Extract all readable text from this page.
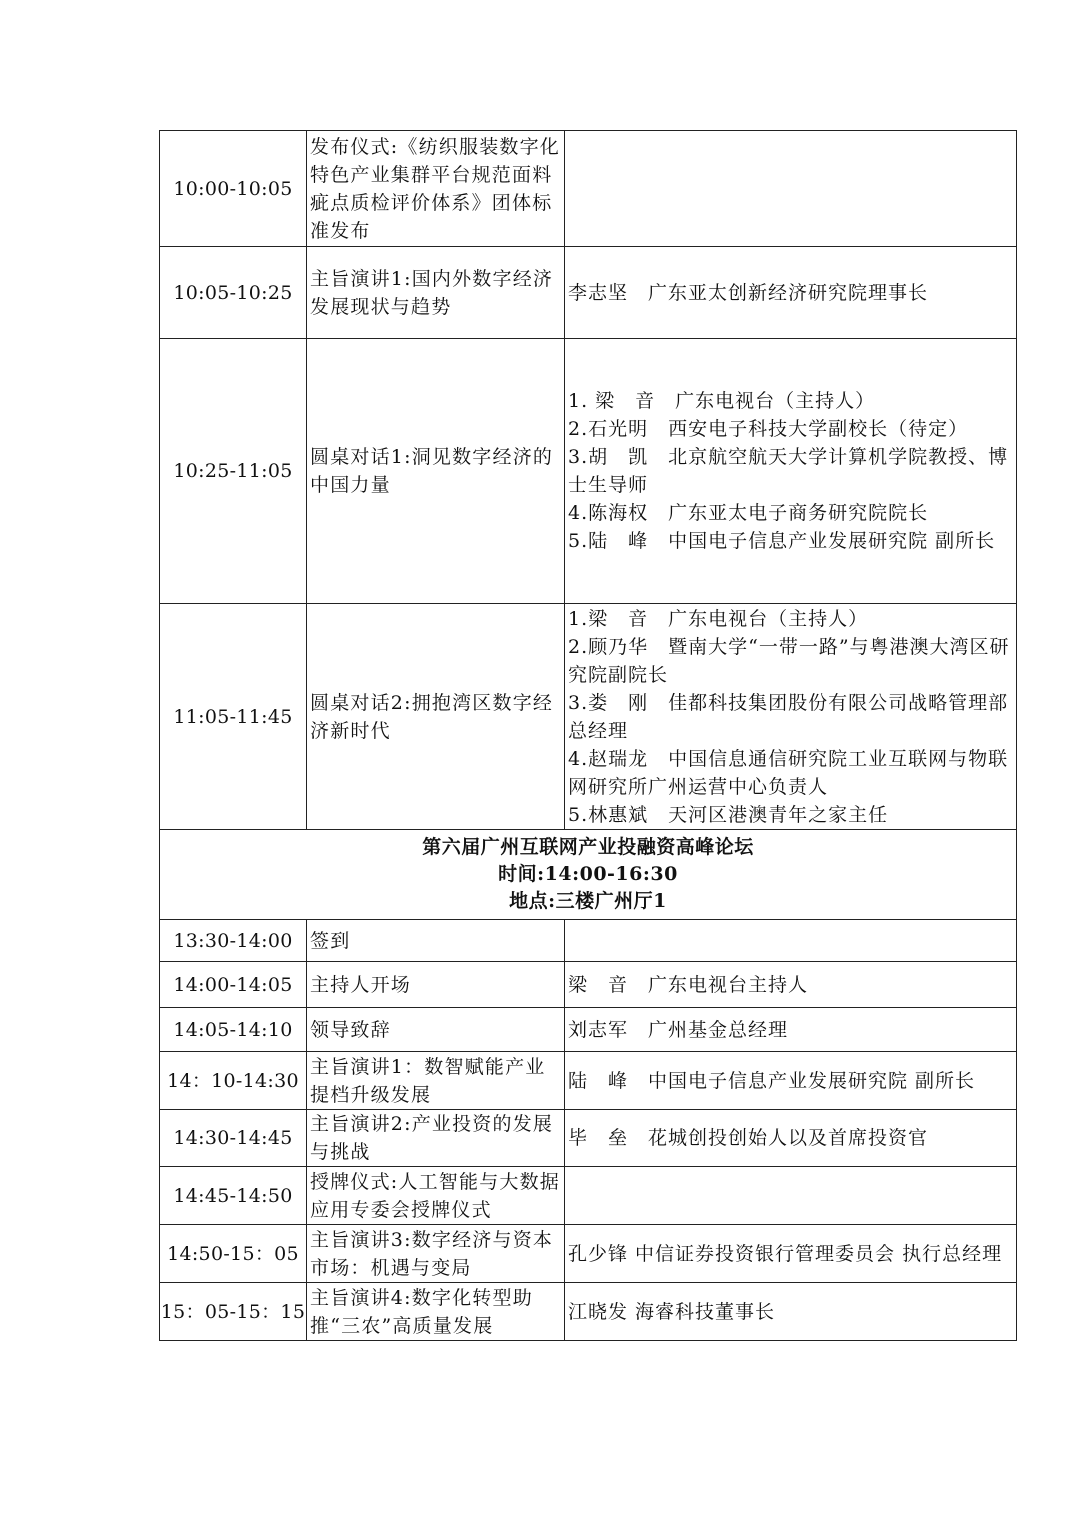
10:00-10:05	发布仪式:《纺织服装数字化特色产业集群平台规范面料疵点质检评价体系》团体标准发布	
10:05-10:25	主旨演讲1:国内外数字经济发展现状与趋势	李志坚　广东亚太创新经济研究院理事长

10:25-11:05	圆桌对话1:洞见数字经济的中国力量	1. 梁　音　广东电视台（主持人）
2.石光明　西安电子科技大学副校长（待定）
3.胡　凯　北京航空航天大学计算机学院教授、博士生导师
4.陈海权　广东亚太电子商务研究院院长
5.陆　峰　中国电子信息产业发展研究院 副所长

11:05-11:45	圆桌对话2:拥抱湾区数字经济新时代	1.梁　音　广东电视台（主持人）
2.顾乃华　暨南大学“一带一路”与粤港澳大湾区研究院副院长
3.娄　刚　佳都科技集团股份有限公司战略管理部总经理
4.赵瑞龙　中国信息通信研究院工业互联网与物联网研究所广州运营中心负责人
5.林惠斌　天河区港澳青年之家主任

第六届广州互联网产业投融资高峰论坛
时间:14:00-16:30
地点:三楼广州厅1		

13:30-14:00	签到	
14:00-14:05	主持人开场	梁　音　广东电视台主持人
14:05-14:10	领导致辞	刘志军　广州基金总经理
14：10-14:30	主旨演讲1：数智赋能产业提档升级发展	陆　峰　中国电子信息产业发展研究院 副所长
14:30-14:45	主旨演讲2:产业投资的发展与挑战	毕　垒　花城创投创始人以及首席投资官
14:45-14:50	授牌仪式:人工智能与大数据应用专委会授牌仪式	
14:50-15：05	主旨演讲3:数字经济与资本市场：机遇与变局	孔少锋 中信证券投资银行管理委员会 执行总经理
15：05-15：15	主旨演讲4:数字化转型助推“三农”高质量发展	江晓发 海睿科技董事长
